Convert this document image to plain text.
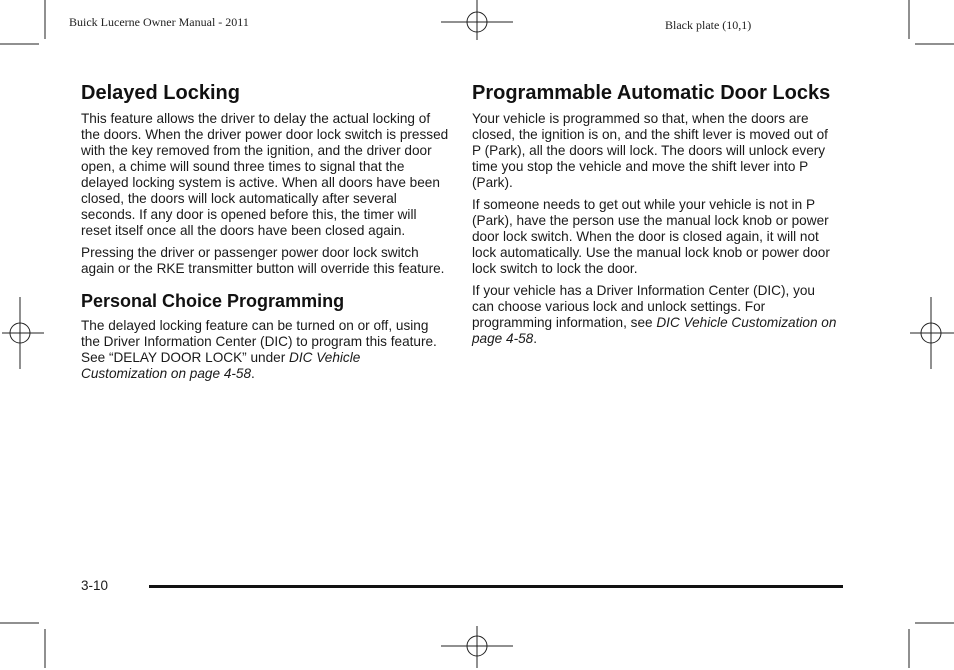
Buick Lucerne Owner Manual - 2011	Black plate (10,1)
Delayed Locking

This feature allows the driver to delay the actual locking of the doors. When the driver power door lock switch is pressed with the key removed from the ignition, and the driver door open, a chime will sound three times to signal that the delayed locking system is active. When all doors have been closed, the doors will lock automatically after several seconds. If any door is opened before this, the timer will reset itself once all the doors have been closed again.

Pressing the driver or passenger power door lock switch again or the RKE transmitter button will override this feature.

Personal Choice Programming

The delayed locking feature can be turned on or off, using the Driver Information Center (DIC) to program this feature. See “DELAY DOOR LOCK” under DIC Vehicle Customization on page 4-58.

Programmable Automatic Door Locks

Your vehicle is programmed so that, when the doors are closed, the ignition is on, and the shift lever is moved out of P (Park), all the doors will lock. The doors will unlock every time you stop the vehicle and move the shift lever into P (Park).

If someone needs to get out while your vehicle is not in P (Park), have the person use the manual lock knob or power door lock switch. When the door is closed again, it will not lock automatically. Use the manual lock knob or power door lock switch to lock the door.

If your vehicle has a Driver Information Center (DIC), you can choose various lock and unlock settings. For programming information, see DIC Vehicle Customization on page 4-58.

3-10
